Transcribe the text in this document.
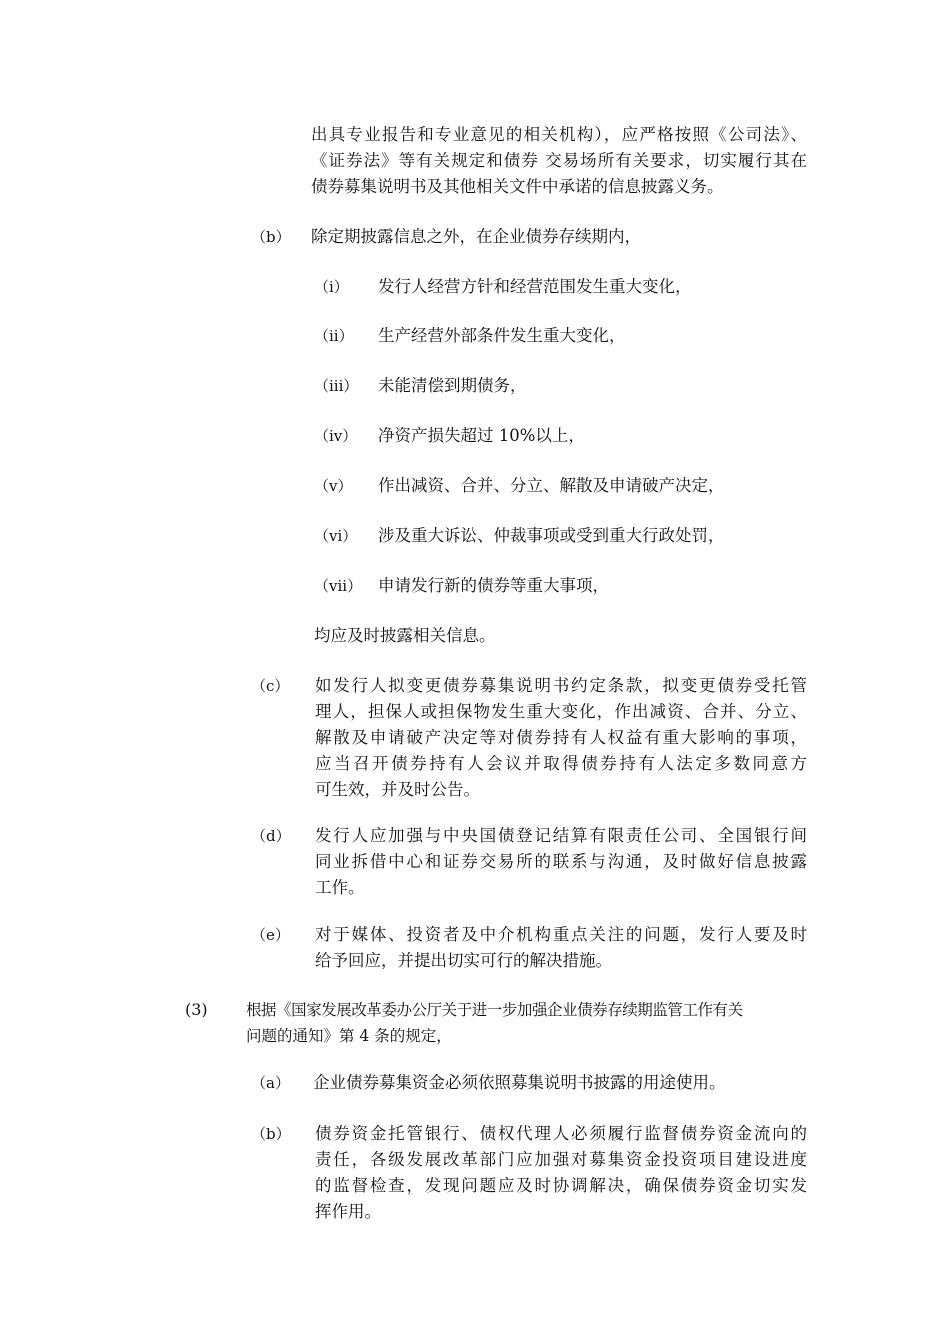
出具专业报告和专业意见的相关机构），应严格按照《公司法》、
《证券法》等有关规定和债券 交易场所有关要求，切实履行其在
债券募集说明书及其他相关文件中承诺的信息披露义务。
（b） 除定期披露信息之外，在企业债券存续期内，
（i） 发行人经营方针和经营范围发生重大变化，
（ii） 生产经营外部条件发生重大变化，
（iii） 未能清偿到期债务，
（iv） 净资产损失超过 10%以上，
（v） 作出减资、合并、分立、解散及申请破产决定，
（vi） 涉及重大诉讼、仲裁事项或受到重大行政处罚，
（vii） 申请发行新的债券等重大事项，
均应及时披露相关信息。
（c） 如发行人拟变更债券募集说明书约定条款，拟变更债券受托管
理人，担保人或担保物发生重大变化，作出减资、合并、分立、
解散及申请破产决定等对债券持有人权益有重大影响的事项，
应当召开债券持有人会议并取得债券持有人法定多数同意方
可生效，并及时公告。
（d） 发行人应加强与中央国债登记结算有限责任公司、全国银行间
同业拆借中心和证券交易所的联系与沟通，及时做好信息披露
工作。
（e） 对于媒体、投资者及中介机构重点关注的问题，发行人要及时
给予回应，并提出切实可行的解决措施。
(3) 根据《国家发展改革委办公厅关于进一步加强企业债券存续期监管工作有关
问题的通知》第 4 条的规定，
（a） 企业债券募集资金必须依照募集说明书披露的用途使用。
（b） 债券资金托管银行、债权代理人必须履行监督债券资金流向的
责任，各级发展改革部门应加强对募集资金投资项目建设进度
的监督检查，发现问题应及时协调解决，确保债券资金切实发
挥作用。
